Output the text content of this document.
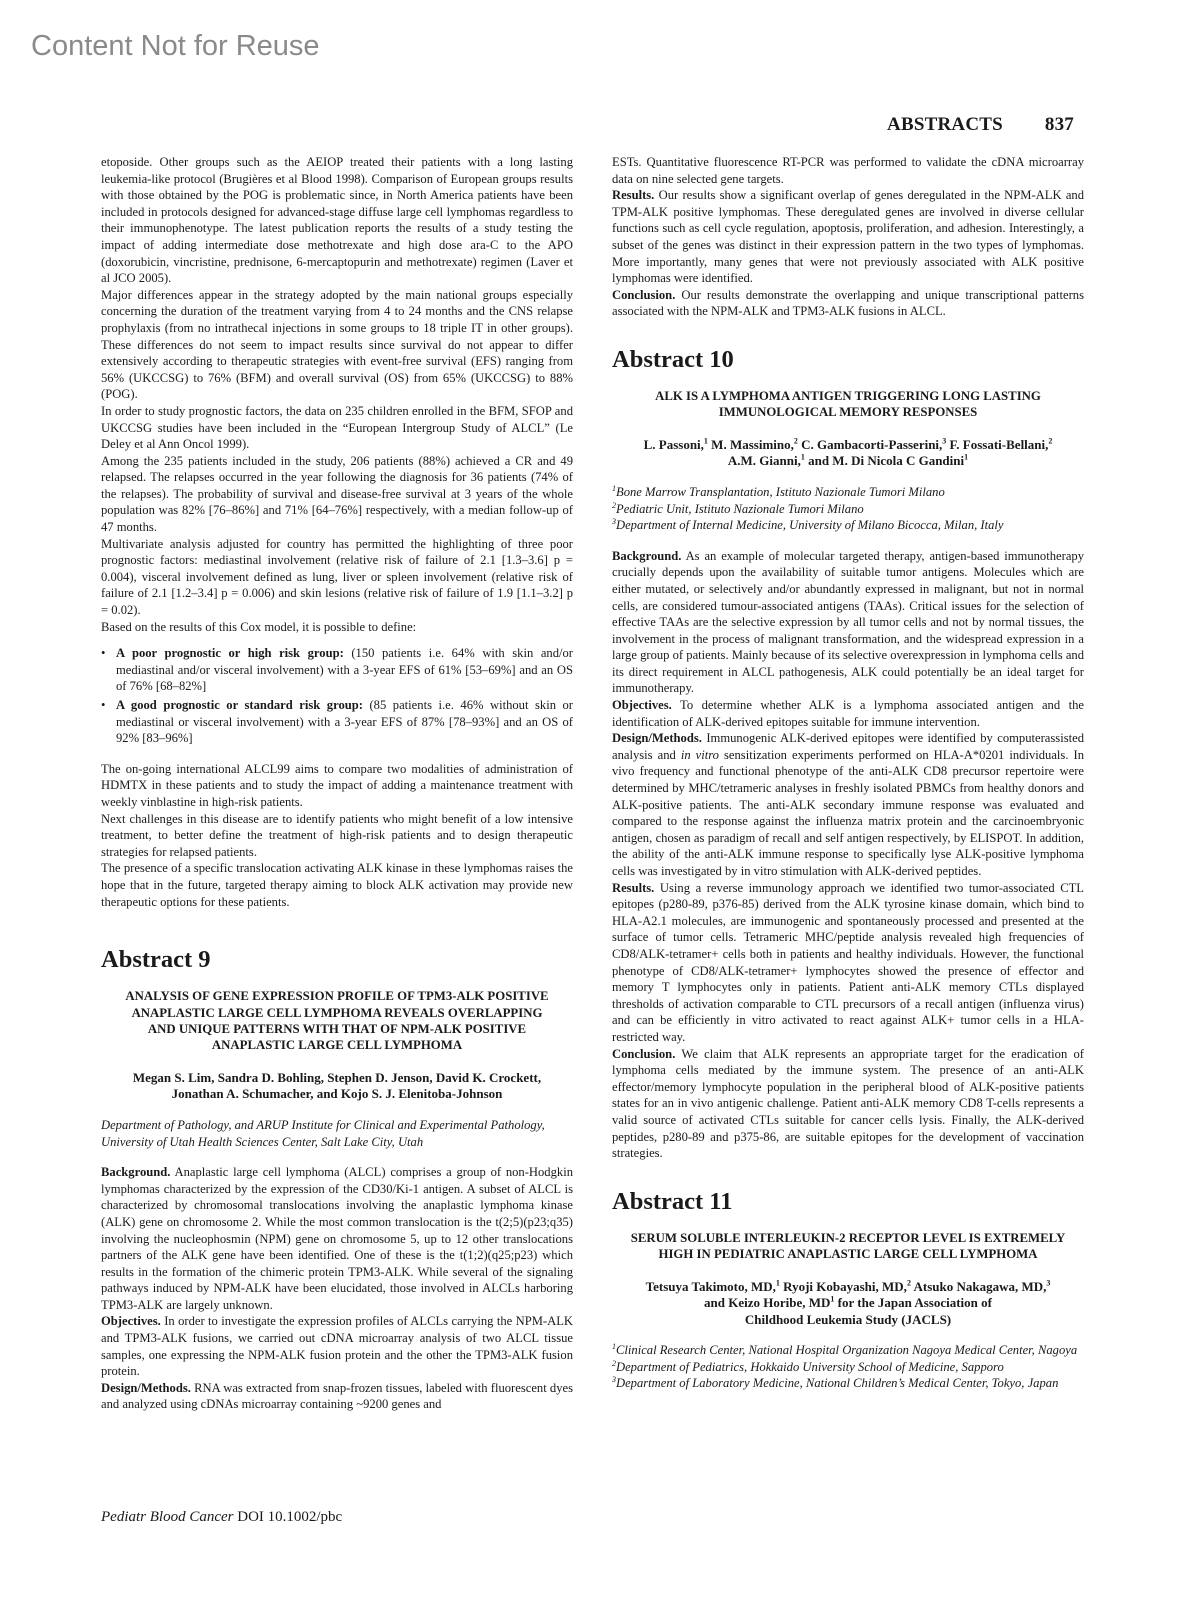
Content Not for Reuse
ABSTRACTS 837

etoposide. Other groups such as the AEIOP treated their patients with a long lasting leukemia-like protocol (Brugières et al Blood 1998). Comparison of European groups results with those obtained by the POG is problematic since, in North America patients have been included in protocols designed for advanced-stage diffuse large cell lymphomas regardless to their immunophenotype. The latest publication reports the results of a study testing the impact of adding intermediate dose methotrexate and high dose ara-C to the APO (doxorubicin, vincristine, prednisone, 6-mercaptopurin and methotrexate) regimen (Laver et al JCO 2005).

Major differences appear in the strategy adopted by the main national groups especially concerning the duration of the treatment varying from 4 to 24 months and the CNS relapse prophylaxis (from no intrathecal injections in some groups to 18 triple IT in other groups). These differences do not seem to impact results since survival do not appear to differ extensively according to therapeutic strategies with event-free survival (EFS) ranging from 56% (UKCCSG) to 76% (BFM) and overall survival (OS) from 65% (UKCCSG) to 88% (POG).

In order to study prognostic factors, the data on 235 children enrolled in the BFM, SFOP and UKCCSG studies have been included in the “European Intergroup Study of ALCL” (Le Deley et al Ann Oncol 1999).

Among the 235 patients included in the study, 206 patients (88%) achieved a CR and 49 relapsed. The relapses occurred in the year following the diagnosis for 36 patients (74% of the relapses). The probability of survival and disease-free survival at 3 years of the whole population was 82% [76–86%] and 71% [64–76%] respectively, with a median follow-up of 47 months.

Multivariate analysis adjusted for country has permitted the highlighting of three poor prognostic factors: mediastinal involvement (relative risk of failure of 2.1 [1.3–3.6] p = 0.004), visceral involvement defined as lung, liver or spleen involvement (relative risk of failure of 2.1 [1.2–3.4] p = 0.006) and skin lesions (relative risk of failure of 1.9 [1.1–3.2] p = 0.02).

Based on the results of this Cox model, it is possible to define:

• A poor prognostic or high risk group: (150 patients i.e. 64% with skin and/or mediastinal and/or visceral involvement) with a 3-year EFS of 61% [53–69%] and an OS of 76% [68–82%]
• A good prognostic or standard risk group: (85 patients i.e. 46% without skin or mediastinal or visceral involvement) with a 3-year EFS of 87% [78–93%] and an OS of 92% [83–96%]

The on-going international ALCL99 aims to compare two modalities of administration of HDMTX in these patients and to study the impact of adding a maintenance treatment with weekly vinblastine in high-risk patients.

Next challenges in this disease are to identify patients who might benefit of a low intensive treatment, to better define the treatment of high-risk patients and to design therapeutic strategies for relapsed patients.

The presence of a specific translocation activating ALK kinase in these lymphomas raises the hope that in the future, targeted therapy aiming to block ALK activation may provide new therapeutic options for these patients.

Abstract 9

ANALYSIS OF GENE EXPRESSION PROFILE OF TPM3-ALK POSITIVE ANAPLASTIC LARGE CELL LYMPHOMA REVEALS OVERLAPPING AND UNIQUE PATTERNS WITH THAT OF NPM-ALK POSITIVE ANAPLASTIC LARGE CELL LYMPHOMA

Megan S. Lim, Sandra D. Bohling, Stephen D. Jenson, David K. Crockett, Jonathan A. Schumacher, and Kojo S. J. Elenitoba-Johnson

Department of Pathology, and ARUP Institute for Clinical and Experimental Pathology, University of Utah Health Sciences Center, Salt Lake City, Utah

Background. Anaplastic large cell lymphoma (ALCL) comprises a group of non-Hodgkin lymphomas characterized by the expression of the CD30/Ki-1 antigen. A subset of ALCL is characterized by chromosomal translocations involving the anaplastic lymphoma kinase (ALK) gene on chromosome 2. While the most common translocation is the t(2;5)(p23;q35) involving the nucleophosmin (NPM) gene on chromosome 5, up to 12 other translocations partners of the ALK gene have been identified. One of these is the t(1;2)(q25;p23) which results in the formation of the chimeric protein TPM3-ALK. While several of the signaling pathways induced by NPM-ALK have been elucidated, those involved in ALCLs harboring TPM3-ALK are largely unknown.

Objectives. In order to investigate the expression profiles of ALCLs carrying the NPM-ALK and TPM3-ALK fusions, we carried out cDNA microarray analysis of two ALCL tissue samples, one expressing the NPM-ALK fusion protein and the other the TPM3-ALK fusion protein.

Design/Methods. RNA was extracted from snap-frozen tissues, labeled with fluorescent dyes and analyzed using cDNAs microarray containing ~9200 genes and

ESTs. Quantitative fluorescence RT-PCR was performed to validate the cDNA microarray data on nine selected gene targets.

Results. Our results show a significant overlap of genes deregulated in the NPM-ALK and TPM-ALK positive lymphomas. These deregulated genes are involved in diverse cellular functions such as cell cycle regulation, apoptosis, proliferation, and adhesion. Interestingly, a subset of the genes was distinct in their expression pattern in the two types of lymphomas. More importantly, many genes that were not previously associated with ALK positive lymphomas were identified.

Conclusion. Our results demonstrate the overlapping and unique transcriptional patterns associated with the NPM-ALK and TPM3-ALK fusions in ALCL.

Abstract 10

ALK IS A LYMPHOMA ANTIGEN TRIGGERING LONG LASTING IMMUNOLOGICAL MEMORY RESPONSES

L. Passoni,$^1$ M. Massimino,$^2$ C. Gambacorti-Passerini,$^3$ F. Fossati-Bellani,$^2$
A.M. Gianni,$^1$ and M. Di Nicola C Gandini$^1$

$^1$Bone Marrow Transplantation, Istituto Nazionale Tumori Milano

$^2$Pediatric Unit, Istituto Nazionale Tumori Milano

$^3$Department of Internal Medicine, University of Milano Bicocca, Milan, Italy

Background. As an example of molecular targeted therapy, antigen-based immunotherapy crucially depends upon the availability of suitable tumor antigens. Molecules which are either mutated, or selectively and/or abundantly expressed in malignant, but not in normal cells, are considered tumour-associated antigens (TAAs). Critical issues for the selection of effective TAAs are the selective expression by all tumor cells and not by normal tissues, the involvement in the process of malignant transformation, and the widespread expression in a large group of patients. Mainly because of its selective overexpression in lymphoma cells and its direct requirement in ALCL pathogenesis, ALK could potentially be an ideal target for immunotherapy.

Objectives. To determine whether ALK is a lymphoma associated antigen and the identification of ALK-derived epitopes suitable for immune intervention.

Design/Methods. Immunogenic ALK-derived epitopes were identified by computerassisted analysis and in vitro sensitization experiments performed on HLA-A*0201 individuals. In vivo frequency and functional phenotype of the anti-ALK CD8 precursor repertoire were determined by MHC/tetrameric analyses in freshly isolated PBMCs from healthy donors and ALK-positive patients. The anti-ALK secondary immune response was evaluated and compared to the response against the influenza matrix protein and the carcinoembryonic antigen, chosen as paradigm of recall and self antigen respectively, by ELISPOT. In addition, the ability of the anti-ALK immune response to specifically lyse ALK-positive lymphoma cells was investigated by in vitro stimulation with ALK-derived peptides.

Results. Using a reverse immunology approach we identified two tumor-associated CTL epitopes (p280-89, p376-85) derived from the ALK tyrosine kinase domain, which bind to HLA-A2.1 molecules, are immunogenic and spontaneously processed and presented at the surface of tumor cells. Tetrameric MHC/peptide analysis revealed high frequencies of CD8/ALK-tetramer+ cells both in patients and healthy individuals. However, the functional phenotype of CD8/ALK-tetramer+ lymphocytes showed the presence of effector and memory T lymphocytes only in patients. Patient anti-ALK memory CTLs displayed thresholds of activation comparable to CTL precursors of a recall antigen (influenza virus) and can be efficiently in vitro activated to react against ALK+ tumor cells in a HLA-restricted way.

Conclusion. We claim that ALK represents an appropriate target for the eradication of lymphoma cells mediated by the immune system. The presence of an anti-ALK effector/memory lymphocyte population in the peripheral blood of ALK-positive patients states for an in vivo antigenic challenge. Patient anti-ALK memory CD8 T-cells represents a valid source of activated CTLs suitable for cancer cells lysis. Finally, the ALK-derived peptides, p280-89 and p375-86, are suitable epitopes for the development of vaccination strategies.

Abstract 11

SERUM SOLUBLE INTERLEUKIN-2 RECEPTOR LEVEL IS EXTREMELY HIGH IN PEDIATRIC ANAPLASTIC LARGE CELL LYMPHOMA

Tetsuya Takimoto, MD,$^1$ Ryoji Kobayashi, MD,$^2$ Atsuko Nakagawa, MD,$^3$
and Keizo Horibe, $MD^1$ for the Japan Association of
Childhood Leukemia Study (JACLS)

$^1$Clinical Research Center, National Hospital Organization Nagoya Medical Center, Nagoya

$^2$Department of Pediatrics, Hokkaido University School of Medicine, Sapporo

$^3$Department of Laboratory Medicine, National Children’s Medical Center, Tokyo, Japan

Pediatr Blood Cancer DOI 10.1002/pbc
